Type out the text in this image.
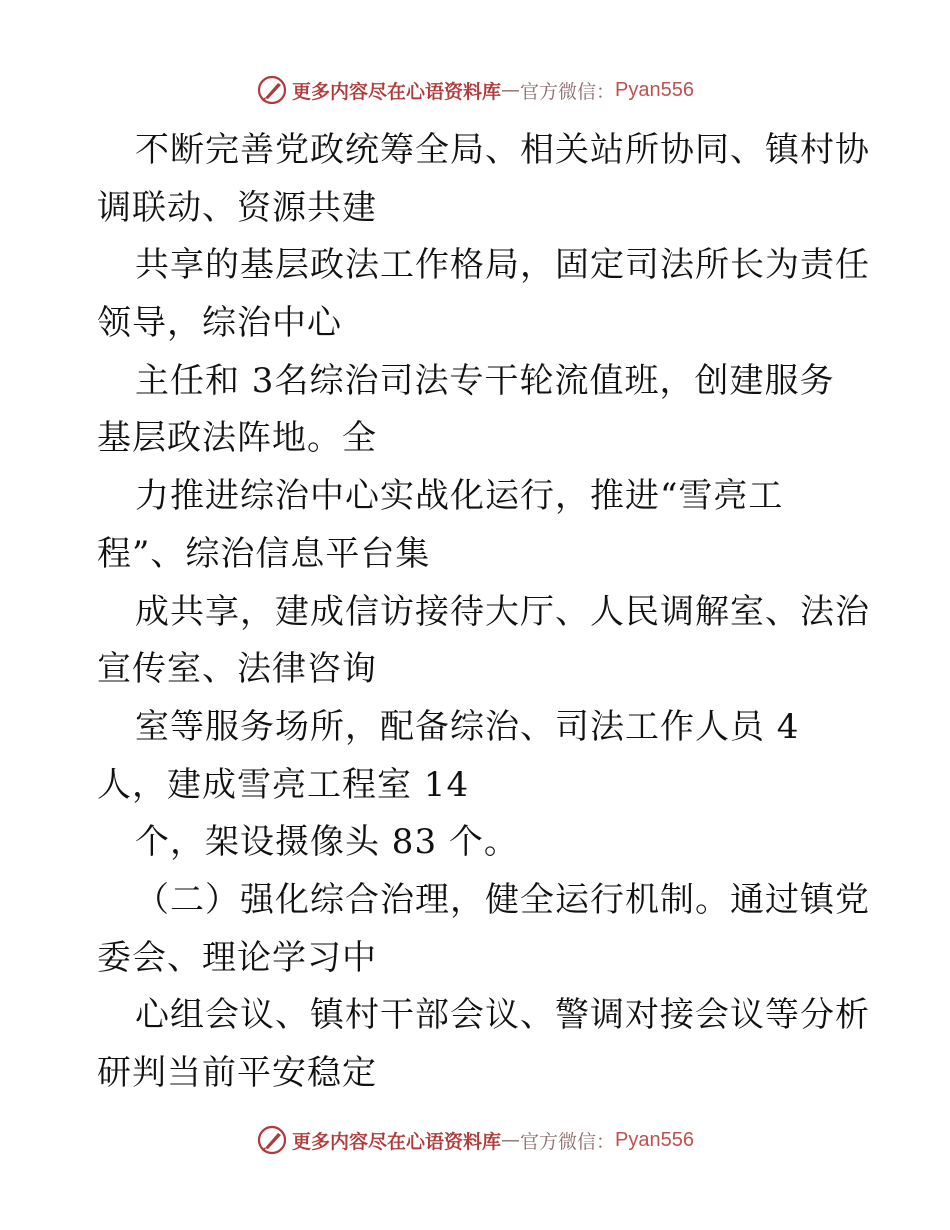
更多内容尽在心语资料库 — 官方微信： Pyan556
不断完善党政统筹全局、相关站所协同、镇村协
调联动、资源共建
共享的基层政法工作格局，固定司法所长为责任
领导，综治中心
主任和 3名综治司法专干轮流值班，创建服务
基层政法阵地。全
力推进综治中心实战化运行，推进“雪亮工
程”、综治信息平台集
成共享，建成信访接待大厅、人民调解室、法治
宣传室、法律咨询
室等服务场所，配备综治、司法工作人员 4
人，建成雪亮工程室 14
个，架设摄像头 83 个。
（二）强化综合治理，健全运行机制。通过镇党
委会、理论学习中
心组会议、镇村干部会议、警调对接会议等分析
研判当前平安稳定
更多内容尽在心语资料库 — 官方微信： Pyan556
